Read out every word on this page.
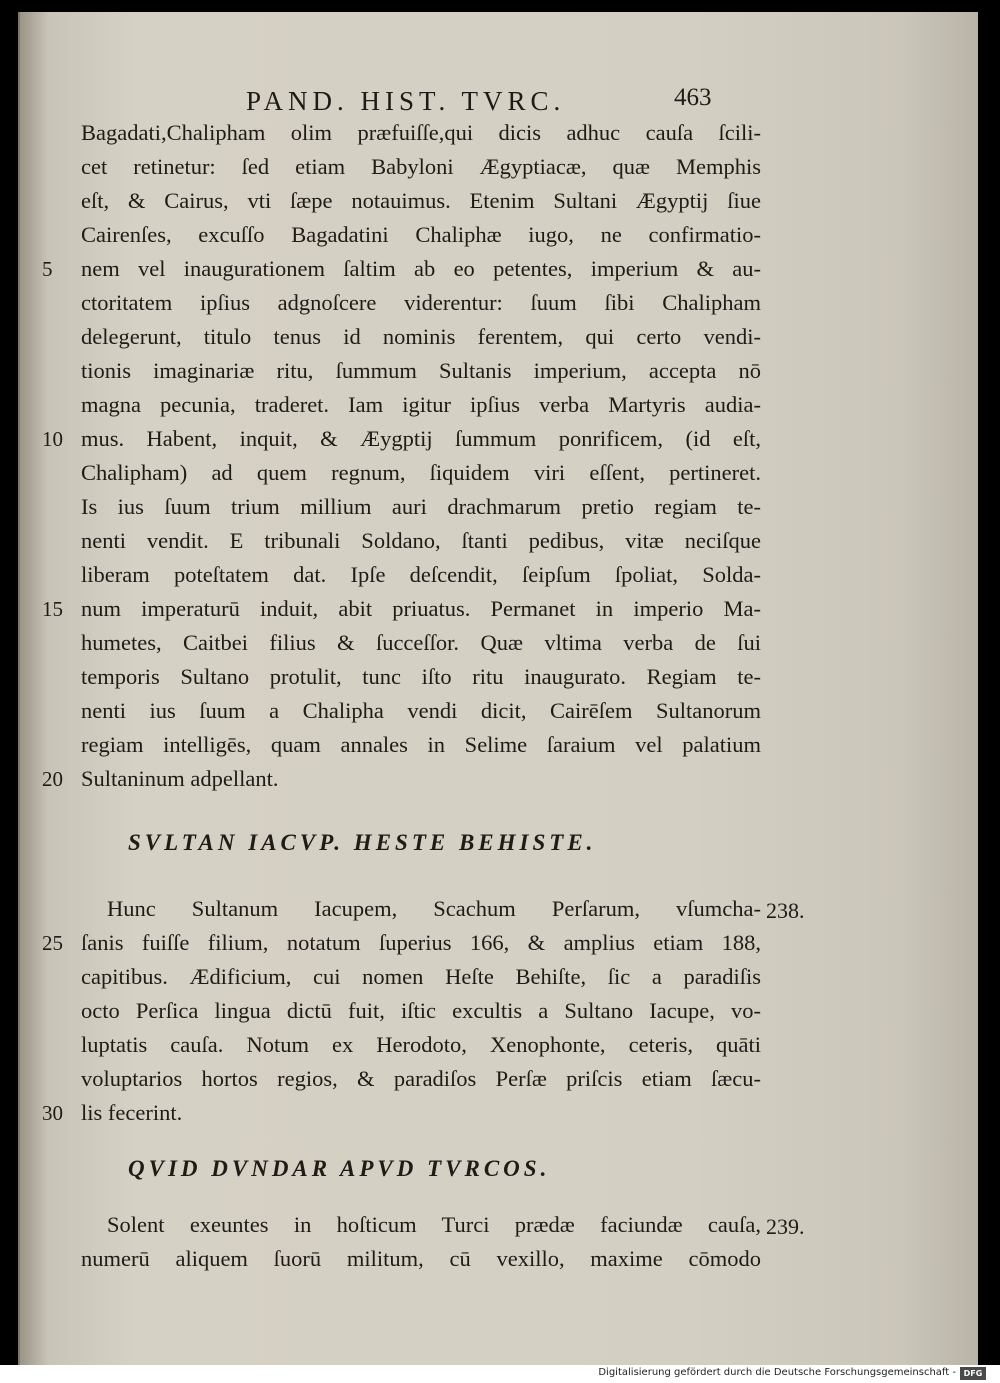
PAND. HIST. TVRC.	463
Bagadati,Chalipham olim præfuiſſe,qui dicis adhuc cauſa ſcili-
cet retinetur: ſed etiam Babyloni Ægyptiacæ, quæ Memphis
eſt, & Cairus, vti ſæpe notauimus. Etenim Sultani Ægyptij ſiue
Cairenſes, excuſſo Bagadatini Chaliphæ iugo, ne confirmatio-
nem vel inaugurationem ſaltim ab eo petentes, imperium & au-
ctoritatem ipſius adgnoſcere viderentur: ſuum ſibi Chalipham
delegerunt, titulo tenus id nominis ferentem, qui certo vendi-
tionis imaginariæ ritu, ſummum Sultanis imperium, accepta nō
magna pecunia, traderet. Iam igitur ipſius verba Martyris audia-
mus. Habent, inquit, & Æygptij ſummum ponrificem, (id eſt,
Chalipham) ad quem regnum, ſiquidem viri eſſent, pertineret.
Is ius ſuum trium millium auri drachmarum pretio regiam te-
nenti vendit. E tribunali Soldano, ſtanti pedibus, vitæ neciſque
liberam poteſtatem dat. Ipſe deſcendit, ſeipſum ſpoliat, Solda-
num imperaturū induit, abit priuatus. Permanet in imperio Ma-
humetes, Caitbei filius & ſucceſſor. Quæ vltima verba de ſui
temporis Sultano protulit, tunc iſto ritu inaugurato. Regiam te-
nenti ius ſuum a Chalipha vendi dicit, Cairēſem Sultanorum
regiam intelligēs, quam annales in Selime ſaraium vel palatium
Sultaninum adpellant.
5
10
15
20
SVLTAN IACVP. HESTE BEHISTE.
Hunc Sultanum Iacupem, Scachum Perſarum, vſumcha-
ſanis fuiſſe filium, notatum ſuperius 166, & amplius etiam 188,
capitibus. Ædificium, cui nomen Heſte Behiſte, ſic a paradiſis
octo Perſica lingua dictū fuit, iſtic excultis a Sultano Iacupe, vo-
luptatis cauſa. Notum ex Herodoto, Xenophonte, ceteris, quāti
voluptarios hortos regios, & paradiſos Perſæ priſcis etiam ſæcu-
lis fecerint.
238.
25
30
QVID DVNDAR APVD TVRCOS.
Solent exeuntes in hoſticum Turci prædæ faciundæ cauſa,
numerū aliquem ſuorū militum, cū vexillo, maxime cōmodo
239.
Digitalisierung gefördert durch die Deutsche Forschungsgemeinschaft - DFG
